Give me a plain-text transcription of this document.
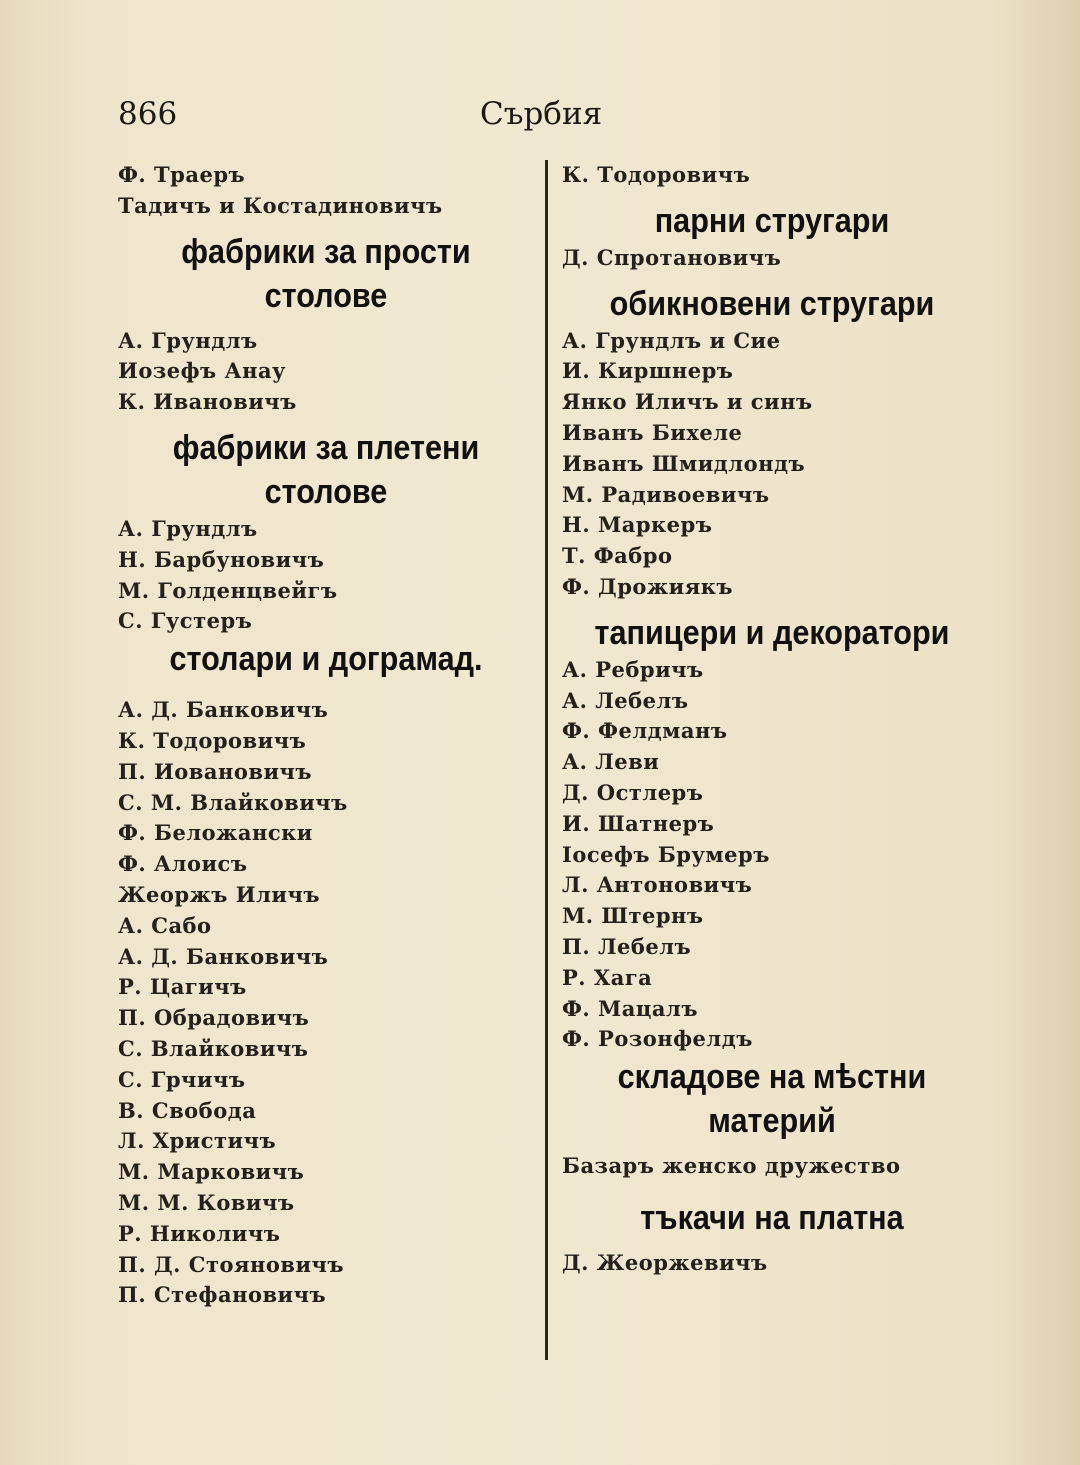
866	Сърбия
Ф. Траеръ
Тадичъ и Костадиновичъ
фабрики за прости
столове
А. Грундлъ
Иозефъ Анау
К. Ивановичъ
фабрики за плетени
столове
А. Грундлъ
Н. Барбуновичъ
М. Голденцвейгъ
С. Густеръ
столари и дограмад.
А. Д. Банковичъ
К. Тодоровичъ
П. Иовановичъ
С. М. Влайковичъ
Ф. Беложански
Ф. Алоисъ
Жеоржъ Иличъ
А. Сабо
А. Д. Банковичъ
Р. Цагичъ
П. Обрадовичъ
С. Влайковичъ
С. Грчичъ
В. Свобода
Л. Христичъ
М. Марковичъ
М. М. Ковичъ
Р. Николичъ
П. Д. Стояновичъ
П. Стефановичъ
К. Тодоровичъ
парни стругари
Д. Спротановичъ
обикновени стругари
А. Грундлъ и Сие
И. Киршнеръ
Янко Иличъ и синъ
Иванъ Бихеле
Иванъ Шмидлондъ
М. Радивоевичъ
Н. Маркеръ
Т. Фабро
Ф. Дрожиякъ
тапицери и декоратори
А. Ребричъ
А. Лебелъ
Ф. Фелдманъ
А. Леви
Д. Остлеръ
И. Шатнеръ
Іосефъ Брумеръ
Л. Антоновичъ
М. Штернъ
П. Лебелъ
Р. Хага
Ф. Мацалъ
Ф. Розонфелдъ
складове на мѣстни
материй
Базаръ женско дружество
тъкачи на платна
Д. Жеоржевичъ
